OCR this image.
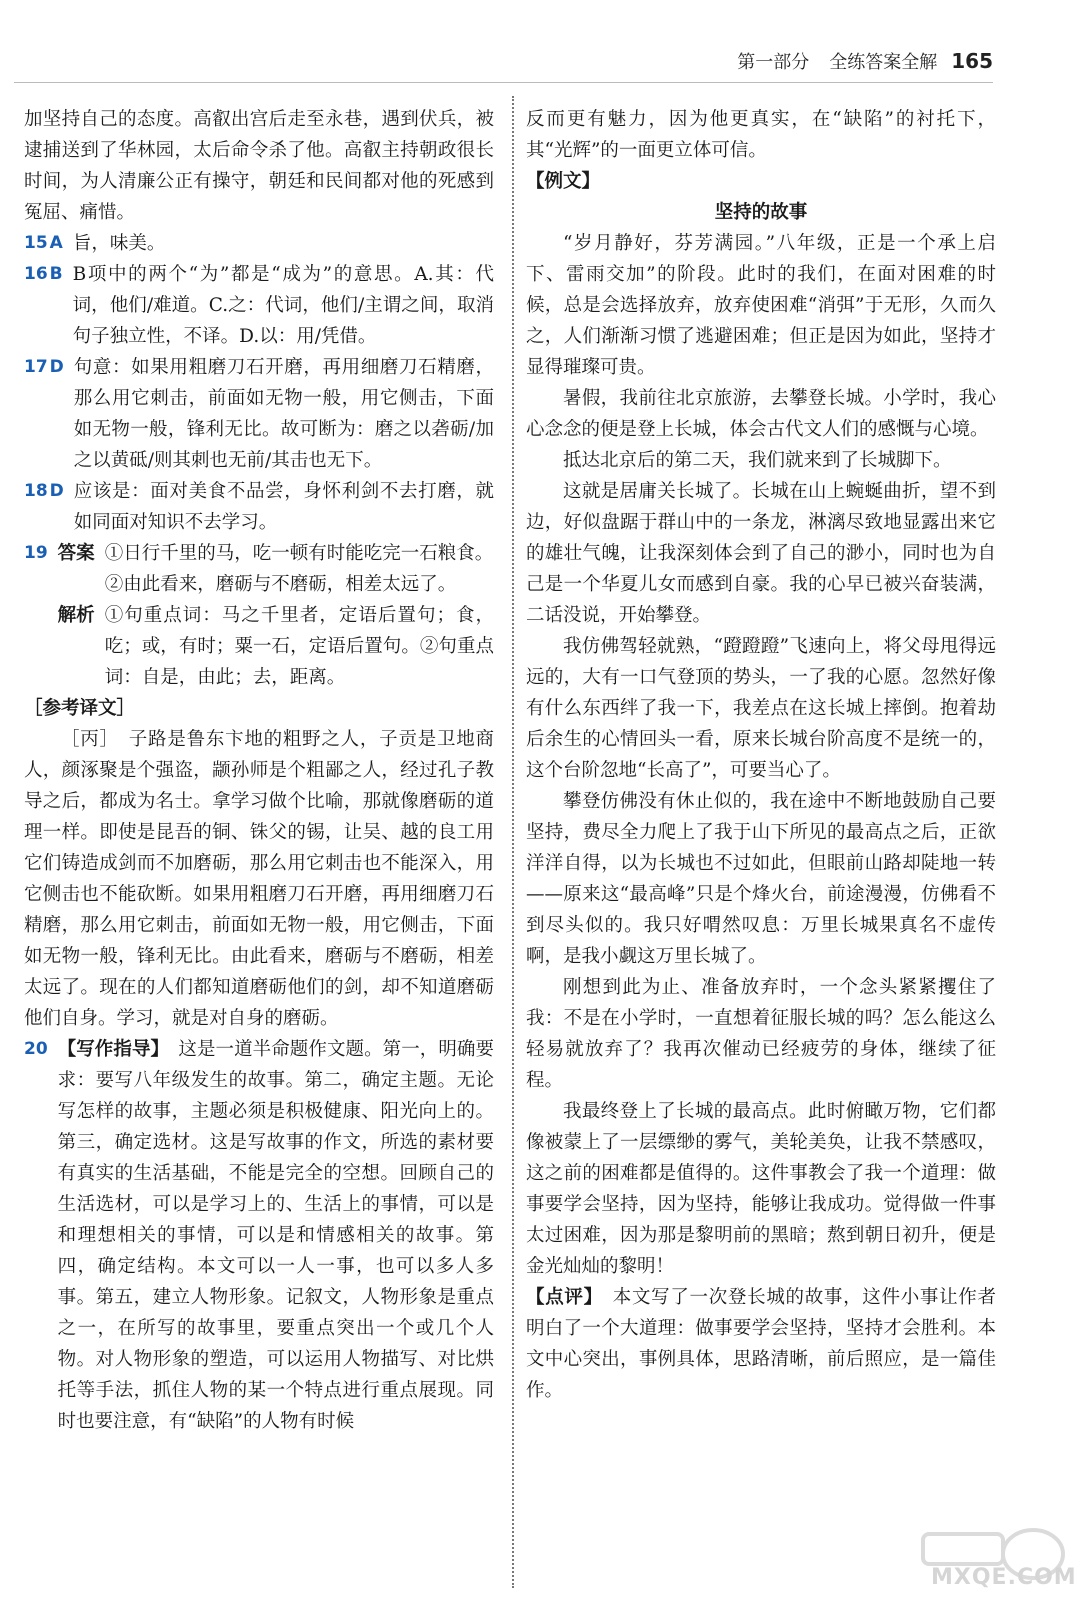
第一部分 全练答案全解 165

加坚持自己的态度。高叡出宫后走至永巷，遇到伏兵，被逮捕送到了华林园，太后命令杀了他。高叡主持朝政很长时间，为人清廉公正有操守，朝廷和民间都对他的死感到冤屈、痛惜。

15 A 旨，味美。
16 B B项中的两个“为”都是“成为”的意思。A.其：代词，他们/难道。C.之：代词，他们/主谓之间，取消句子独立性，不译。D.以：用/凭借。
17 D 句意：如果用粗磨刀石开磨，再用细磨刀石精磨，那么用它刺击，前面如无物一般，用它侧击，下面如无物一般，锋利无比。故可断为：磨之以砻砺/加之以黄砥/则其刺也无前/其击也无下。
18 D 应该是：面对美食不品尝，身怀利剑不去打磨，就如同面对知识不去学习。
19 答案 ①日行千里的马，吃一顿有时能吃完一石粮食。
②由此看来，磨砺与不磨砺，相差太远了。
解析 ①句重点词：马之千里者，定语后置句；食，吃；或，有时；粟一石，定语后置句。②句重点词：自是，由此；去，距离。

［参考译文］

［丙］　子路是鲁东卞地的粗野之人，子贡是卫地商人，颜涿聚是个强盗，颛孙师是个粗鄙之人，经过孔子教导之后，都成为名士。拿学习做个比喻，那就像磨砺的道理一样。即使是昆吾的铜、铢父的锡，让吴、越的良工用它们铸造成剑而不加磨砺，那么用它刺击也不能深入，用它侧击也不能砍断。如果用粗磨刀石开磨，再用细磨刀石精磨，那么用它刺击，前面如无物一般，用它侧击，下面如无物一般，锋利无比。由此看来，磨砺与不磨砺，相差太远了。现在的人们都知道磨砺他们的剑，却不知道磨砺他们自身。学习，就是对自身的磨砺。

20 【写作指导】　 这是一道半命题作文题。第一，明确要求：要写八年级发生的故事。第二，确定主题。无论写怎样的故事，主题必须是积极健康、阳光向上的。第三，确定选材。这是写故事的作文，所选的素材要有真实的生活基础，不能是完全的空想。回顾自己的生活选材，可以是学习上的、生活上的事情，可以是和理想相关的事情，可以是和情感相关的故事。第四，确定结构。本文可以一人一事，也可以多人多事。第五，建立人物形象。记叙文，人物形象是重点之一，在所写的故事里，要重点突出一个或几个人物。对人物形象的塑造，可以运用人物描写、对比烘托等手法，抓住人物的某一个特点进行重点展现。同时也要注意，有“缺陷”的人物有时候

反而更有魅力，因为他更真实，在“缺陷”的衬托下，其“光辉”的一面更立体可信。

【例文】

坚持的故事

“岁月静好，芬芳满园。”八年级，正是一个承上启下、雷雨交加”的阶段。此时的我们，在面对困难的时候，总是会选择放弃，放弃使困难“消弭”于无形，久而久之，人们渐渐习惯了逃避困难；但正是因为如此，坚持才显得璀璨可贵。

暑假，我前往北京旅游，去攀登长城。小学时，我心心念念的便是登上长城，体会古代文人们的感慨与心境。

抵达北京后的第二天，我们就来到了长城脚下。

这就是居庸关长城了。长城在山上蜿蜒曲折，望不到边，好似盘踞于群山中的一条龙，淋漓尽致地显露出来它的雄壮气魄，让我深刻体会到了自己的渺小，同时也为自己是一个华夏儿女而感到自豪。我的心早已被兴奋装满，二话没说，开始攀登。

我仿佛驾轻就熟，“蹬蹬蹬”飞速向上，将父母甩得远远的，大有一口气登顶的势头，一了我的心愿。忽然好像有什么东西绊了我一下，我差点在这长城上摔倒。抱着劫后余生的心情回头一看，原来长城台阶高度不是统一的，这个台阶忽地“长高了”，可要当心了。

攀登仿佛没有休止似的，我在途中不断地鼓励自己要坚持，费尽全力爬上了我于山下所见的最高点之后，正欲洋洋自得，以为长城也不过如此，但眼前山路却陡地一转——原来这“最高峰”只是个烽火台，前途漫漫，仿佛看不到尽头似的。我只好喟然叹息：万里长城果真名不虚传啊，是我小觑这万里长城了。

刚想到此为止、准备放弃时，一个念头紧紧攫住了我：不是在小学时，一直想着征服长城的吗？怎么能这么轻易就放弃了？我再次催动已经疲劳的身体，继续了征程。

我最终登上了长城的最高点。此时俯瞰万物，它们都像被蒙上了一层缥缈的雾气，美轮美奂，让我不禁感叹，这之前的困难都是值得的。这件事教会了我一个道理：做事要学会坚持，因为坚持，能够让我成功。觉得做一件事太过困难，因为那是黎明前的黑暗；熬到朝日初升，便是金光灿灿的黎明！

【点评】　 本文写了一次登长城的故事，这件小事让作者明白了一个大道理：做事要学会坚持，坚持才会胜利。本文中心突出，事例具体，思路清晰，前后照应，是一篇佳作。

MXQE.COM
